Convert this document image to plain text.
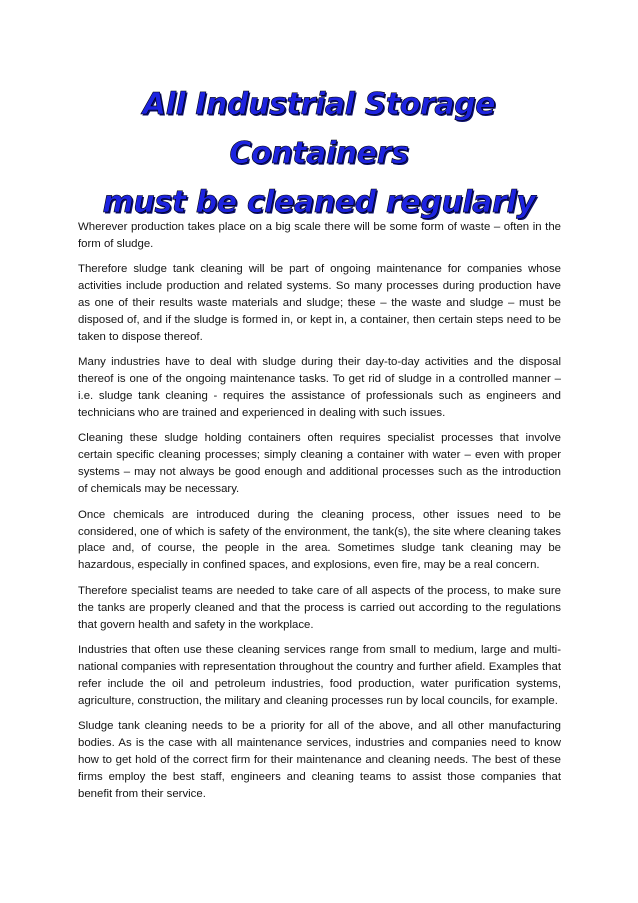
All Industrial Storage Containers
must be cleaned regularly

Wherever production takes place on a big scale there will be some form of waste – often in the form of sludge.

Therefore sludge tank cleaning will be part of ongoing maintenance for companies whose activities include production and related systems. So many processes during production have as one of their results waste materials and sludge; these – the waste and sludge – must be disposed of, and if the sludge is formed in, or kept in, a container, then certain steps need to be taken to dispose thereof.

Many industries have to deal with sludge during their day-to-day activities and the disposal thereof is one of the ongoing maintenance tasks. To get rid of sludge in a controlled manner – i.e. sludge tank cleaning - requires the assistance of professionals such as engineers and technicians who are trained and experienced in dealing with such issues.

Cleaning these sludge holding containers often requires specialist processes that involve certain specific cleaning processes; simply cleaning a container with water – even with proper systems – may not always be good enough and additional processes such as the introduction of chemicals may be necessary.

Once chemicals are introduced during the cleaning process, other issues need to be considered, one of which is safety of the environment, the tank(s), the site where cleaning takes place and, of course, the people in the area. Sometimes sludge tank cleaning may be hazardous, especially in confined spaces, and explosions, even fire, may be a real concern.

Therefore specialist teams are needed to take care of all aspects of the process, to make sure the tanks are properly cleaned and that the process is carried out according to the regulations that govern health and safety in the workplace.

Industries that often use these cleaning services range from small to medium, large and multi-national companies with representation throughout the country and further afield. Examples that refer include the oil and petroleum industries, food production, water purification systems, agriculture, construction, the military and cleaning processes run by local councils, for example.

Sludge tank cleaning needs to be a priority for all of the above, and all other manufacturing bodies. As is the case with all maintenance services, industries and companies need to know how to get hold of the correct firm for their maintenance and cleaning needs. The best of these firms employ the best staff, engineers and cleaning teams to assist those companies that benefit from their service.
